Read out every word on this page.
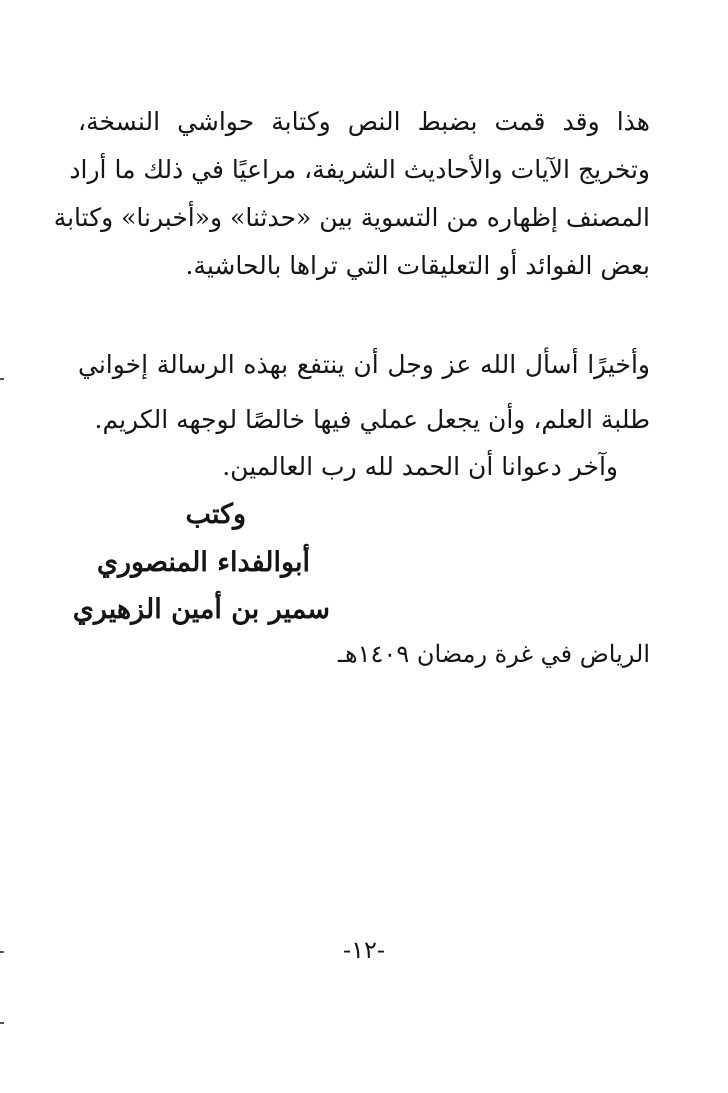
هذا وقد قمت بضبط النص وكتابة حواشي النسخة،
وتخريج الآيات والأحاديث الشريفة، مراعيًا في ذلك ما أراد
المصنف إظهاره من التسوية بين «حدثنا» و«أخبرنا» وكتابة
بعض الفوائد أو التعليقات التي تراها بالحاشية.
وأخيرًا أسأل الله عز وجل أن ينتفع بهذه الرسالة إخواني
طلبة العلم، وأن يجعل عملي فيها خالصًا لوجهه الكريم.
وآخر دعوانا أن الحمد لله رب العالمين.
وكتب
أبوالفداء المنصوري
سمير بن أمين الزهيري
الرياض في غرة رمضان ١٤٠٩هـ
-١٢-
